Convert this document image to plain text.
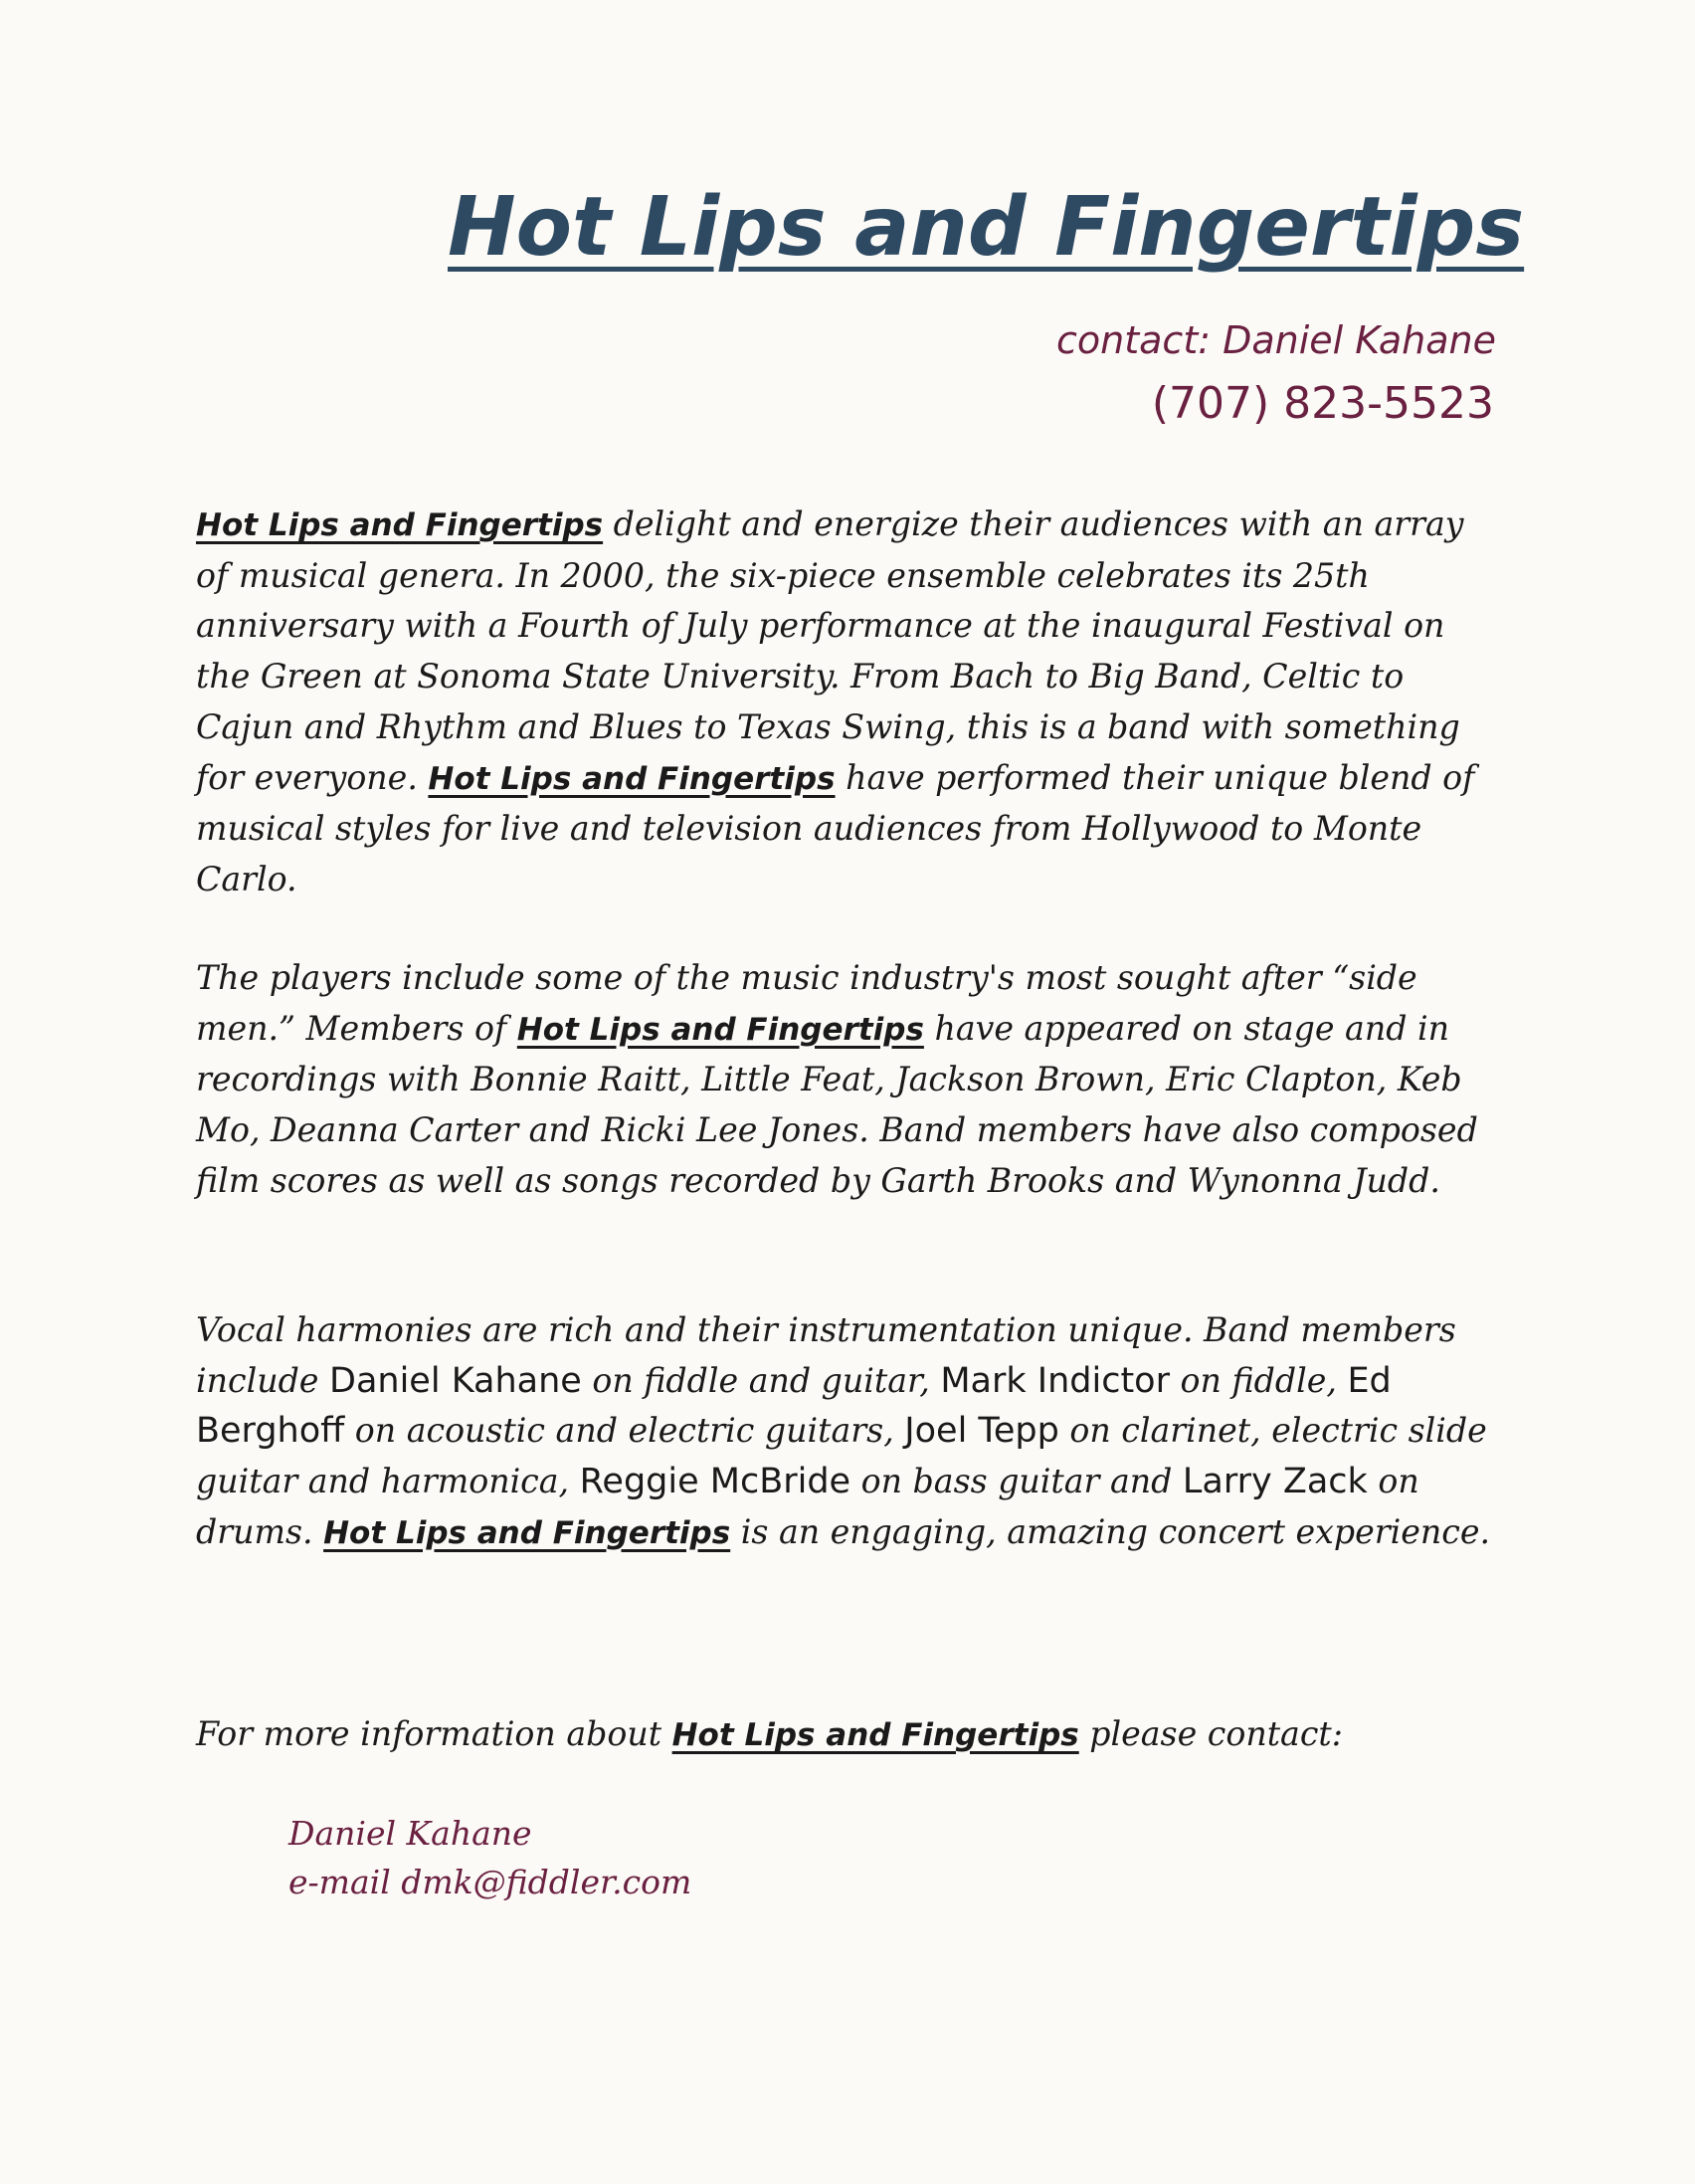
Hot Lips and Fingertips
contact: Daniel Kahane
(707) 823-5523

Hot Lips and Fingertips delight and energize their audiences with an array of musical genera. In 2000, the six-piece ensemble celebrates its 25th anniversary with a Fourth of July performance at the inaugural Festival on the Green at Sonoma State University. From Bach to Big Band, Celtic to Cajun and Rhythm and Blues to Texas Swing, this is a band with something for everyone. Hot Lips and Fingertips have performed their unique blend of musical styles for live and television audiences from Hollywood to Monte Carlo.

The players include some of the music industry's most sought after “side men.” Members of Hot Lips and Fingertips have appeared on stage and in recordings with Bonnie Raitt, Little Feat, Jackson Brown, Eric Clapton, Keb Mo, Deanna Carter and Ricki Lee Jones. Band members have also composed film scores as well as songs recorded by Garth Brooks and Wynonna Judd.

Vocal harmonies are rich and their instrumentation unique. Band members include Daniel Kahane on fiddle and guitar, Mark Indictor on fiddle, Ed Berghoff on acoustic and electric guitars, Joel Tepp on clarinet, electric slide guitar and harmonica, Reggie McBride on bass guitar and Larry Zack on drums. Hot Lips and Fingertips is an engaging, amazing concert experience.

For more information about Hot Lips and Fingertips please contact:

Daniel Kahane
e-mail dmk@fiddler.com
